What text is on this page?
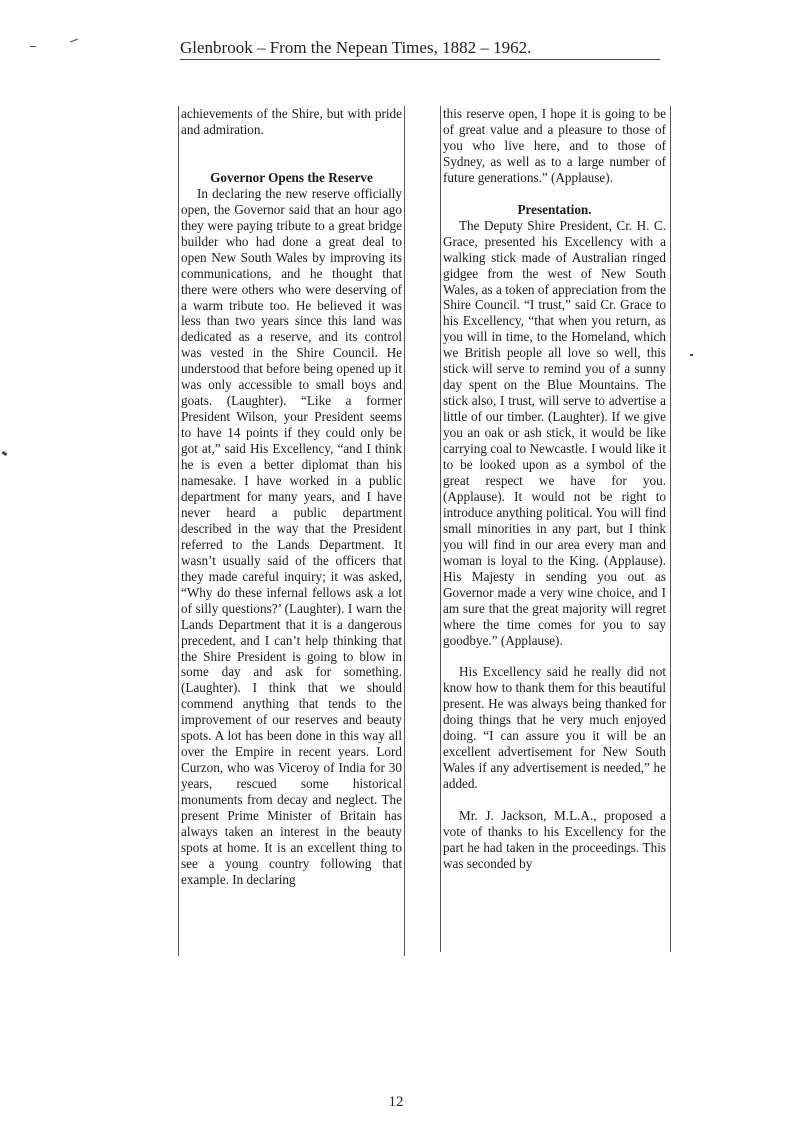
Glenbrook – From the Nepean Times, 1882 – 1962.

achievements of the Shire, but with pride and admiration.

Governor Opens the Reserve

In declaring the new reserve officially open, the Governor said that an hour ago they were paying tribute to a great bridge builder who had done a great deal to open New South Wales by improving its communications, and he thought that there were others who were deserving of a warm tribute too. He believed it was less than two years since this land was dedicated as a reserve, and its control was vested in the Shire Council. He understood that before being opened up it was only accessible to small boys and goats. (Laughter). “Like a former President Wilson, your President seems to have 14 points if they could only be got at,” said His Excellency, “and I think he is even a better diplomat than his namesake. I have worked in a public department for many years, and I have never heard a public department described in the way that the President referred to the Lands Department. It wasn’t usually said of the officers that they made careful inquiry; it was asked, “Why do these infernal fellows ask a lot of silly questions?’ (Laughter). I warn the Lands Department that it is a dangerous precedent, and I can’t help thinking that the Shire President is going to blow in some day and ask for something. (Laughter). I think that we should commend anything that tends to the improvement of our reserves and beauty spots. A lot has been done in this way all over the Empire in recent years. Lord Curzon, who was Viceroy of India for 30 years, rescued some historical monuments from decay and neglect. The present Prime Minister of Britain has always taken an interest in the beauty spots at home. It is an excellent thing to see a young country following that example. In declaring

this reserve open, I hope it is going to be of great value and a pleasure to those of you who live here, and to those of Sydney, as well as to a large number of future generations.” (Applause).

Presentation.

The Deputy Shire President, Cr. H. C. Grace, presented his Excellency with a walking stick made of Australian ringed gidgee from the west of New South Wales, as a token of appreciation from the Shire Council. “I trust,” said Cr. Grace to his Excellency, “that when you return, as you will in time, to the Homeland, which we British people all love so well, this stick will serve to remind you of a sunny day spent on the Blue Mountains. The stick also, I trust, will serve to advertise a little of our timber. (Laughter). If we give you an oak or ash stick, it would be like carrying coal to Newcastle. I would like it to be looked upon as a symbol of the great respect we have for you. (Applause). It would not be right to introduce anything political. You will find small minorities in any part, but I think you will find in our area every man and woman is loyal to the King. (Applause). His Majesty in sending you out as Governor made a very wine choice, and I am sure that the great majority will regret where the time comes for you to say goodbye.” (Applause).

His Excellency said he really did not know how to thank them for this beautiful present. He was always being thanked for doing things that he very much enjoyed doing. “I can assure you it will be an excellent advertisement for New South Wales if any advertisement is needed,” he added.

Mr. J. Jackson, M.L.A., proposed a vote of thanks to his Excellency for the part he had taken in the proceedings. This was seconded by

12
